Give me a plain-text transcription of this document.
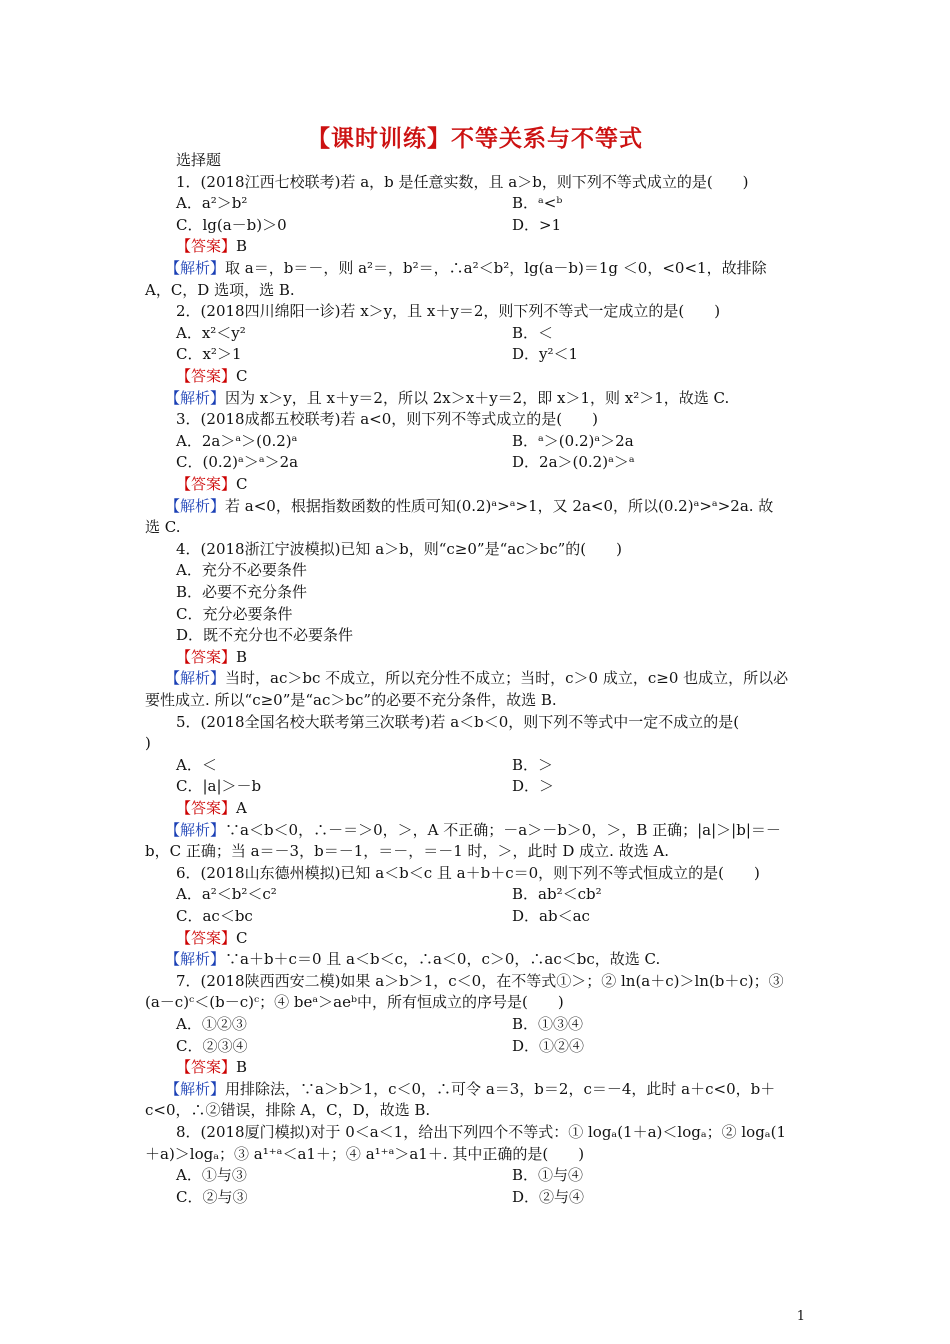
【课时训练】不等关系与不等式
选择题
1．(2018江西七校联考)若 a，b 是任意实数，且 a＞b，则下列不等式成立的是(　　)
A．a²＞b²	B．ᵃ<ᵇ
C．lg(a－b)＞0	D．>1
【答案】B
【解析】取 a＝，b＝－，则 a²＝，b²＝，∴a²＜b²，lg(a－b)＝1g ＜0，<0<1，故排除
A，C，D 选项，选 B.
2．(2018四川绵阳一诊)若 x＞y，且 x＋y＝2，则下列不等式一定成立的是(　　)
A．x²＜y²	B．＜
C．x²＞1	D．y²＜1
【答案】C
【解析】因为 x＞y，且 x＋y＝2，所以 2x＞x＋y＝2，即 x＞1，则 x²＞1，故选 C.
3．(2018成都五校联考)若 a<0，则下列不等式成立的是(　　)
A．2a＞ᵃ＞(0.2)ᵃ	B．ᵃ＞(0.2)ᵃ＞2a
C．(0.2)ᵃ＞ᵃ＞2a	D．2a＞(0.2)ᵃ＞ᵃ
【答案】C
【解析】若 a<0，根据指数函数的性质可知(0.2)ᵃ>ᵃ>1，又 2a<0，所以(0.2)ᵃ>ᵃ>2a. 故
选 C.
4．(2018浙江宁波模拟)已知 a＞b，则“c≥0”是“ac＞bc”的(　　)
A．充分不必要条件
B．必要不充分条件
C．充分必要条件
D．既不充分也不必要条件
【答案】B
【解析】当时，ac＞bc 不成立，所以充分性不成立；当时，c＞0 成立，c≥0 也成立，所以必
要性成立. 所以“c≥0”是“ac＞bc”的必要不充分条件，故选 B.
5．(2018全国名校大联考第三次联考)若 a＜b＜0，则下列不等式中一定不成立的是(
)
A．＜	B．＞
C．|a|＞－b	D．＞
【答案】A
【解析】∵a＜b＜0，∴－＝＞0，＞，A 不正确；－a＞－b＞0，＞，B 正确；|a|＞|b|＝－
b，C 正确；当 a＝－3，b＝－1，＝－，＝－1 时，＞，此时 D 成立. 故选 A.
6．(2018山东德州模拟)已知 a＜b＜c 且 a＋b＋c＝0，则下列不等式恒成立的是(　　)
A．a²＜b²＜c²	B．ab²＜cb²
C．ac＜bc	D．ab＜ac
【答案】C
【解析】∵a＋b＋c＝0 且 a＜b＜c，∴a＜0，c＞0，∴ac＜bc，故选 C.
7．(2018陕西西安二模)如果 a＞b＞1，c＜0，在不等式①＞；② ln(a＋c)＞ln(b＋c)；③
(a－c)ᶜ＜(b－c)ᶜ；④ beᵃ＞aeᵇ中，所有恒成立的序号是(　　)
A．①②③	B．①③④
C．②③④	D．①②④
【答案】B
【解析】用排除法，∵a＞b＞1，c＜0，∴可令 a＝3，b＝2，c＝－4，此时 a＋c<0，b＋
c<0，∴②错误，排除 A，C，D，故选 B.
8．(2018厦门模拟)对于 0＜a＜1，给出下列四个不等式：① logₐ(1＋a)＜logₐ；② logₐ(1
＋a)＞logₐ；③ a¹⁺ᵃ＜a1＋；④ a¹⁺ᵃ＞a1＋. 其中正确的是(　　)
A．①与③	B．①与④
C．②与③	D．②与④
1
